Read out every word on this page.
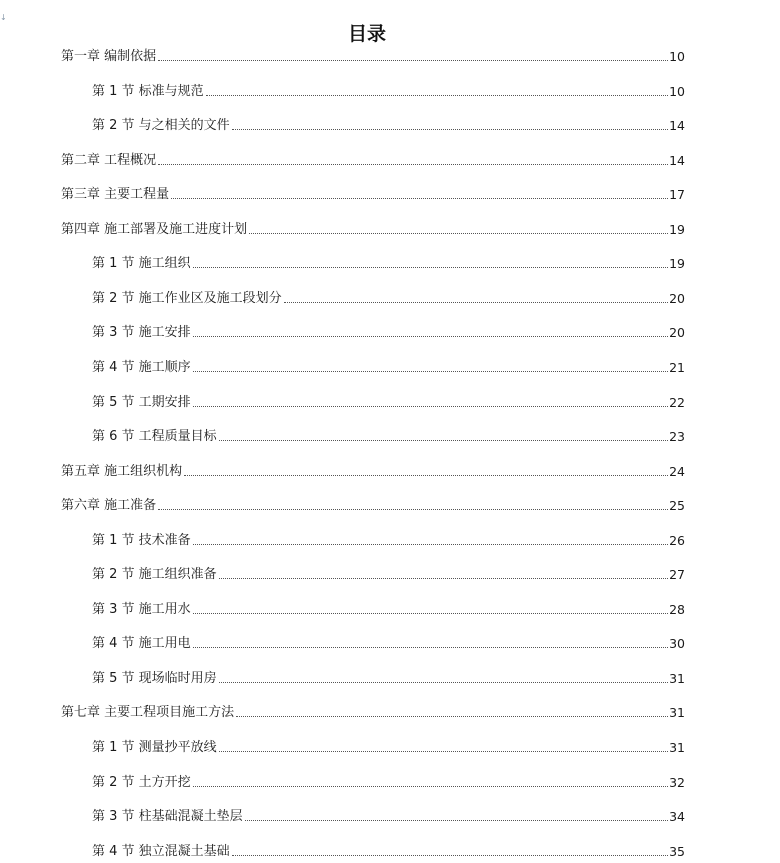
↓
目录
第一章 编制依据	10
第 1 节 标准与规范	10
第 2 节 与之相关的文件	14
第二章 工程概况	14
第三章 主要工程量	17
第四章 施工部署及施工进度计划	19
第 1 节 施工组织	19
第 2 节 施工作业区及施工段划分	20
第 3 节 施工安排	20
第 4 节 施工顺序	21
第 5 节 工期安排	22
第 6 节 工程质量目标	23
第五章 施工组织机构	24
第六章 施工准备	25
第 1 节 技术准备	26
第 2 节 施工组织准备	27
第 3 节 施工用水	28
第 4 节 施工用电	30
第 5 节 现场临时用房	31
第七章 主要工程项目施工方法	31
第 1 节 测量抄平放线	31
第 2 节 土方开挖	32
第 3 节 柱基础混凝土垫层	34
第 4 节 独立混凝土基础	35
